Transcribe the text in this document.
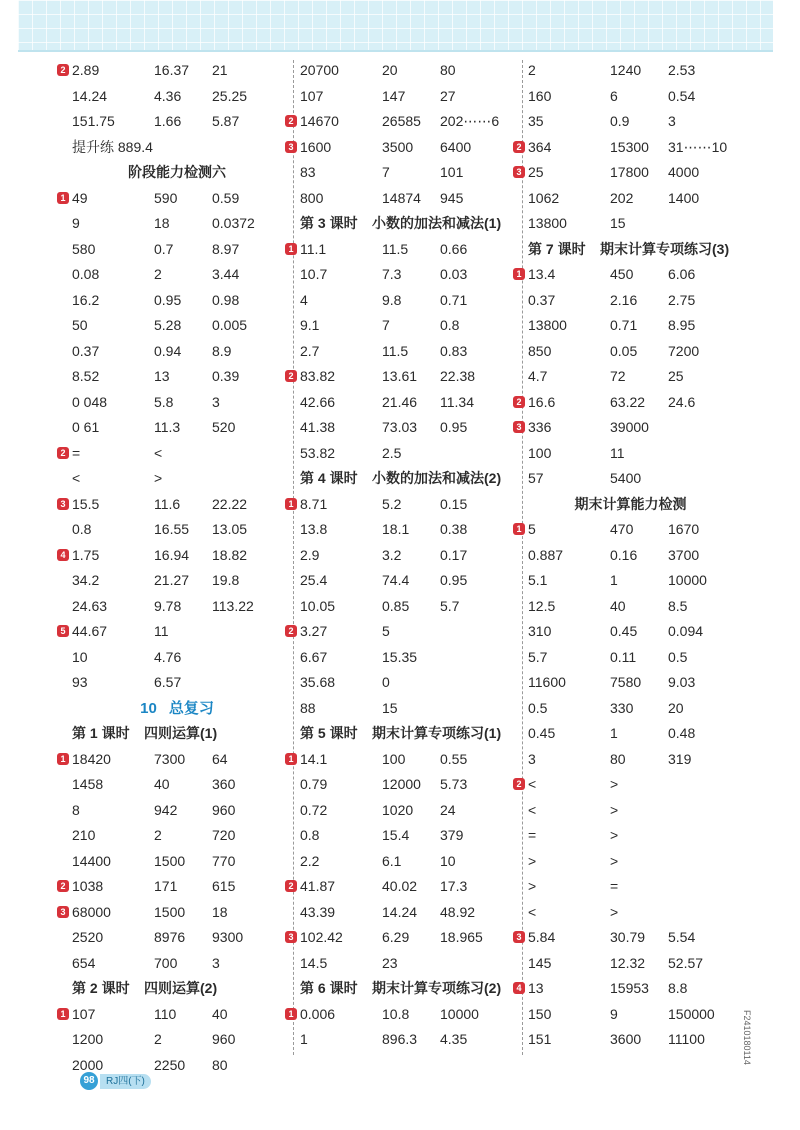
2 2.89	16.37 21
14.24	4.36 25.25
151.75	1.66 5.87
提升练 889.4
阶段能力检测六
1 49	590 0.59
9	18	0.0372
580	0.7	8.97
0.08	2	3.44
16.2	0.95 0.98
50	5.28 0.005
0.37	0.94 8.9
8.52	13	0.39
0 048	5.8	3
0 61	11.3 520
2 =	<
<	>
3 15.5	11.6 22.22
0.8	16.55 13.05
4 1.75	16.94 18.82
34.2	21.27 19.8
24.63	9.78 113.22
5 44.67	11
10	4.76
93	6.57
10 总复习
第 1 课时 四则运算(1)
1 18420	7300 64
1458	40	360
8	942 960
210	2	720
14400	1500 770
2 1038	171 615
3 68000	1500 18
2520	8976 9300
654	700 3
第 2 课时 四则运算(2)
1 107	110	40
1200	2	960
2000	2250 80
20700	20	80
107	147 27
2 14670	26585 202⋯⋯6
3 1600	3500 6400
83	7	101
800	14874 945
第 3 课时 小数的加法和减法(1)
1 11.1	11.5 0.66
10.7	7.3	0.03
4	9.8	0.71
9.1	7	0.8
2.7	11.5 0.83
2 83.82	13.61 22.38
42.66	21.46 11.34
41.38	73.03 0.95
53.82	2.5
第 4 课时 小数的加法和减法(2)
1 8.71	5.2	0.15
13.8	18.1 0.38
2.9	3.2	0.17
25.4	74.4 0.95
10.05	0.85 5.7
2 3.27	5
6.67	15.35
35.68	0
88	15
第 5 课时 期末计算专项练习(1)
1 14.1	100 0.55
0.79	12000 5.73
0.72	1020 24
0.8	15.4 379
2.2	6.1	10
2 41.87	40.02 17.3
43.39	14.24 48.92
3 102.42	6.29 18.965
14.5	23
第 6 课时 期末计算专项练习(2)
1 0.006	10.8 10000
1	896.3 4.35
2	1240 2.53
160	6	0.54
35	0.9	3
2 364	15300 31⋯⋯10
3 25	17800 4000
1062	202 1400
13800	15
第 7 课时 期末计算专项练习(3)
1 13.4	450 6.06
0.37	2.16 2.75
13800	0.71 8.95
850	0.05 7200
4.7	72	25
2 16.6	63.22 24.6
3 336	39000
100	11
57	5400
期末计算能力检测
1 5	470 1670
0.887	0.16 3700
5.1	1	10000
12.5	40	8.5
310	0.45 0.094
5.7	0.11 0.5
11600	7580 9.03
0.5	330 20
0.45	1	0.48
3	80	319
2 <	>
<	>
=	>
>	>
>	=
<	>
3 5.84	30.79 5.54
145	12.32 52.57
4 13	15953 8.8
150	9	150000
151	3600 11100
98	RJ四(下)
F2410180114
